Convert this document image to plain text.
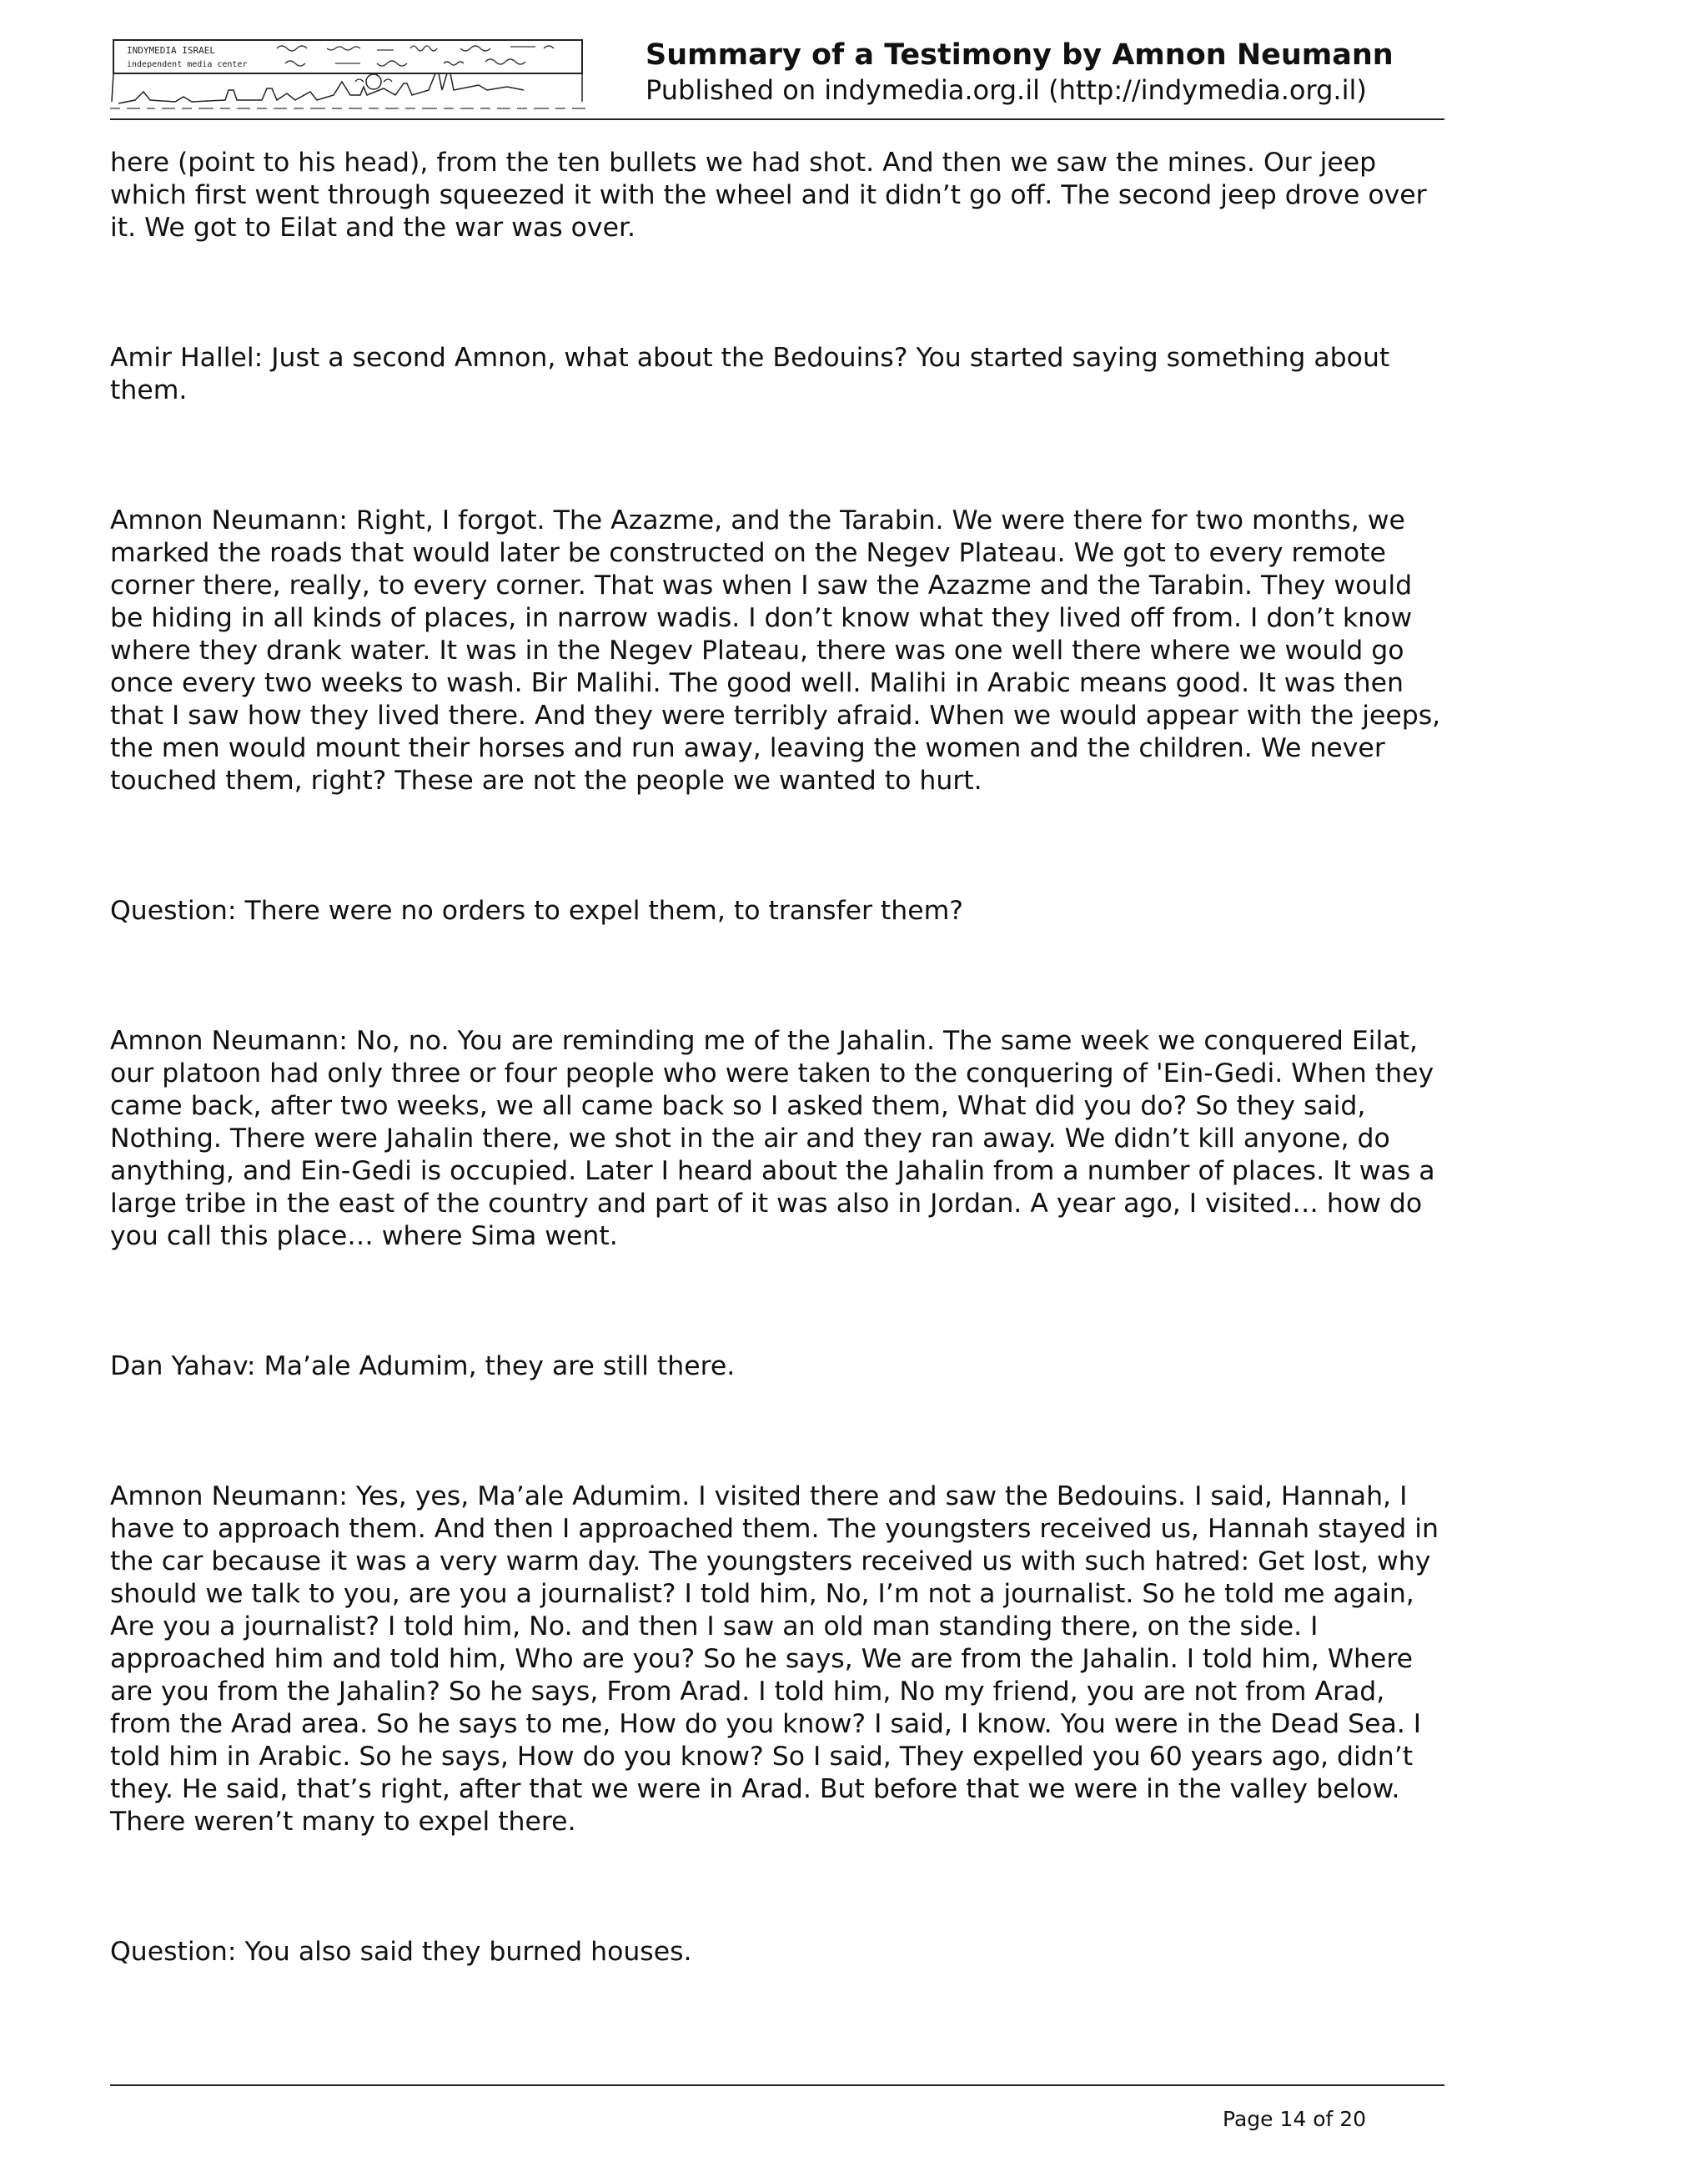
INDYMEDIA ISRAEL
independent media center	Summary of a Testimony by Amnon Neumann
Published on indymedia.org.il (http://indymedia.org.il)

here (point to his head), from the ten bullets we had shot. And then we saw the mines. Our jeep which first went through squeezed it with the wheel and it didn’t go off. The second jeep drove over it. We got to Eilat and the war was over.

Amir Hallel: Just a second Amnon, what about the Bedouins? You started saying something about them.

Amnon Neumann: Right, I forgot. The Azazme, and the Tarabin. We were there for two months, we marked the roads that would later be constructed on the Negev Plateau. We got to every remote corner there, really, to every corner. That was when I saw the Azazme and the Tarabin. They would be hiding in all kinds of places, in narrow wadis. I don’t know what they lived off from. I don’t know where they drank water. It was in the Negev Plateau, there was one well there where we would go once every two weeks to wash. Bir Malihi. The good well. Malihi in Arabic means good. It was then that I saw how they lived there. And they were terribly afraid. When we would appear with the jeeps, the men would mount their horses and run away, leaving the women and the children. We never touched them, right? These are not the people we wanted to hurt.

Question: There were no orders to expel them, to transfer them?

Amnon Neumann: No, no. You are reminding me of the Jahalin. The same week we conquered Eilat, our platoon had only three or four people who were taken to the conquering of 'Ein-Gedi. When they came back, after two weeks, we all came back so I asked them, What did you do? So they said, Nothing. There were Jahalin there, we shot in the air and they ran away. We didn’t kill anyone, do anything, and Ein-Gedi is occupied. Later I heard about the Jahalin from a number of places. It was a large tribe in the east of the country and part of it was also in Jordan. A year ago, I visited… how do you call this place… where Sima went.

Dan Yahav: Ma’ale Adumim, they are still there.

Amnon Neumann: Yes, yes, Ma’ale Adumim. I visited there and saw the Bedouins. I said, Hannah, I have to approach them. And then I approached them. The youngsters received us, Hannah stayed in the car because it was a very warm day. The youngsters received us with such hatred: Get lost, why should we talk to you, are you a journalist? I told him, No, I’m not a journalist. So he told me again, Are you a journalist? I told him, No. and then I saw an old man standing there, on the side. I approached him and told him, Who are you? So he says, We are from the Jahalin. I told him, Where are you from the Jahalin? So he says, From Arad. I told him, No my friend, you are not from Arad, from the Arad area. So he says to me, How do you know? I said, I know. You were in the Dead Sea. I told him in Arabic. So he says, How do you know? So I said, They expelled you 60 years ago, didn’t they. He said, that’s right, after that we were in Arad. But before that we were in the valley below. There weren’t many to expel there.

Question: You also said they burned houses.

Page 14 of 20
